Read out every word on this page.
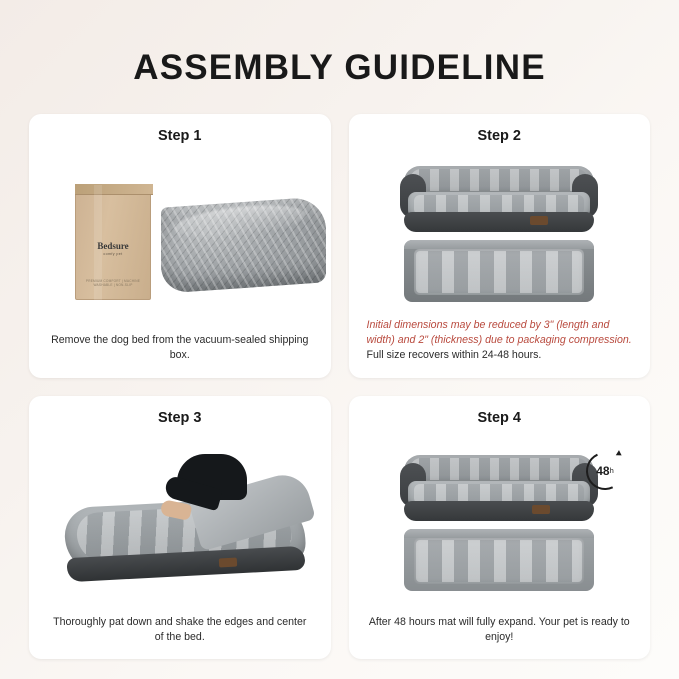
ASSEMBLY GUIDELINE
Step 1
Bedsure
comfy pet
PREMIUM COMFORT | MACHINE WASHABLE | NON-SLIP
Remove the dog bed from the vacuum-sealed shipping box.
Step 2
Initial dimensions may be reduced by 3" (length and width) and 2" (thickness) due to packaging compression. Full size recovers within 24-48 hours.
Step 3
Thoroughly pat down and shake the edges and center of the bed.
Step 4
48 h
After 48 hours mat will fully expand. Your pet is ready to enjoy!
